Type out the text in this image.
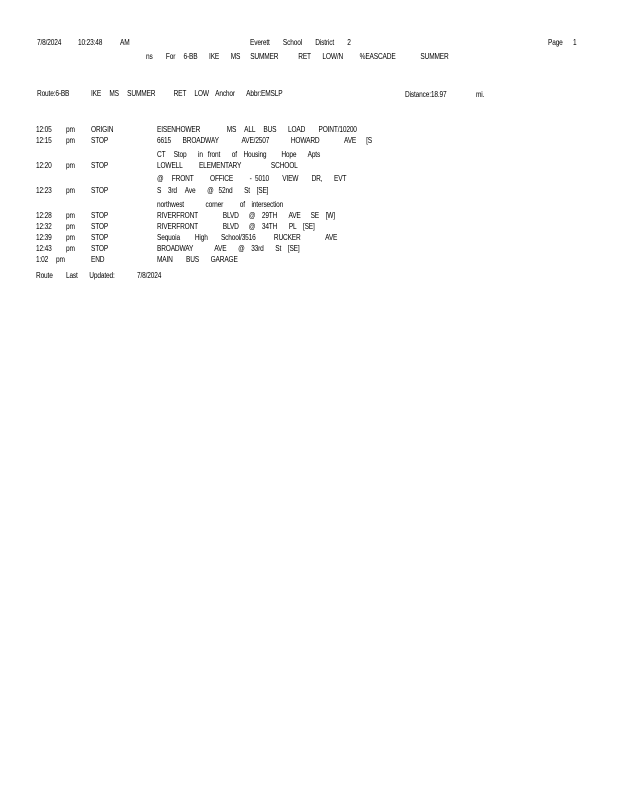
7/8/2024 10:23:48 AM	Everett        School        District        2	Page 1
ns        For     6-BB       IKE       MS      SUMMER            RET       LOW/N          %EASCADE               SUMMER
Route:6-BB	IKE     MS     SUMMER           RET     LOW    Anchor       Abbr:EMSLP	Distance:18.97	mi.
12:05 pm ORIGIN	EISENHOWER                MS     ALL     BUS       LOAD        POINT/10200
12:15 pm STOP	6615       BROADWAY              AVE/2507             HOWARD               AVE      [S
CT     Stop       in   front       of    Housing         Hope       Apts
12:20 pm STOP	LOWELL          ELEMENTARY                  SCHOOL
@     FRONT          OFFICE          -  5010        VIEW        DR,       EVT
12:23 pm STOP	S    3rd     Ave       @   52nd       St    [SE]
northwest             corner          of    intersection
12:28 pm STOP	RIVERFRONT               BLVD      @    29TH       AVE      SE    [W]
12:32 pm STOP	RIVERFRONT               BLVD      @    34TH       PL    [SE]
12:39 pm STOP	Sequoia         High        School/3516           RUCKER               AVE
12:43 pm STOP	BROADWAY             AVE       @    33rd       St    [SE]
1:02 pm	END	MAIN        BUS       GARAGE
Route        Last       Updated:	7/8/2024
